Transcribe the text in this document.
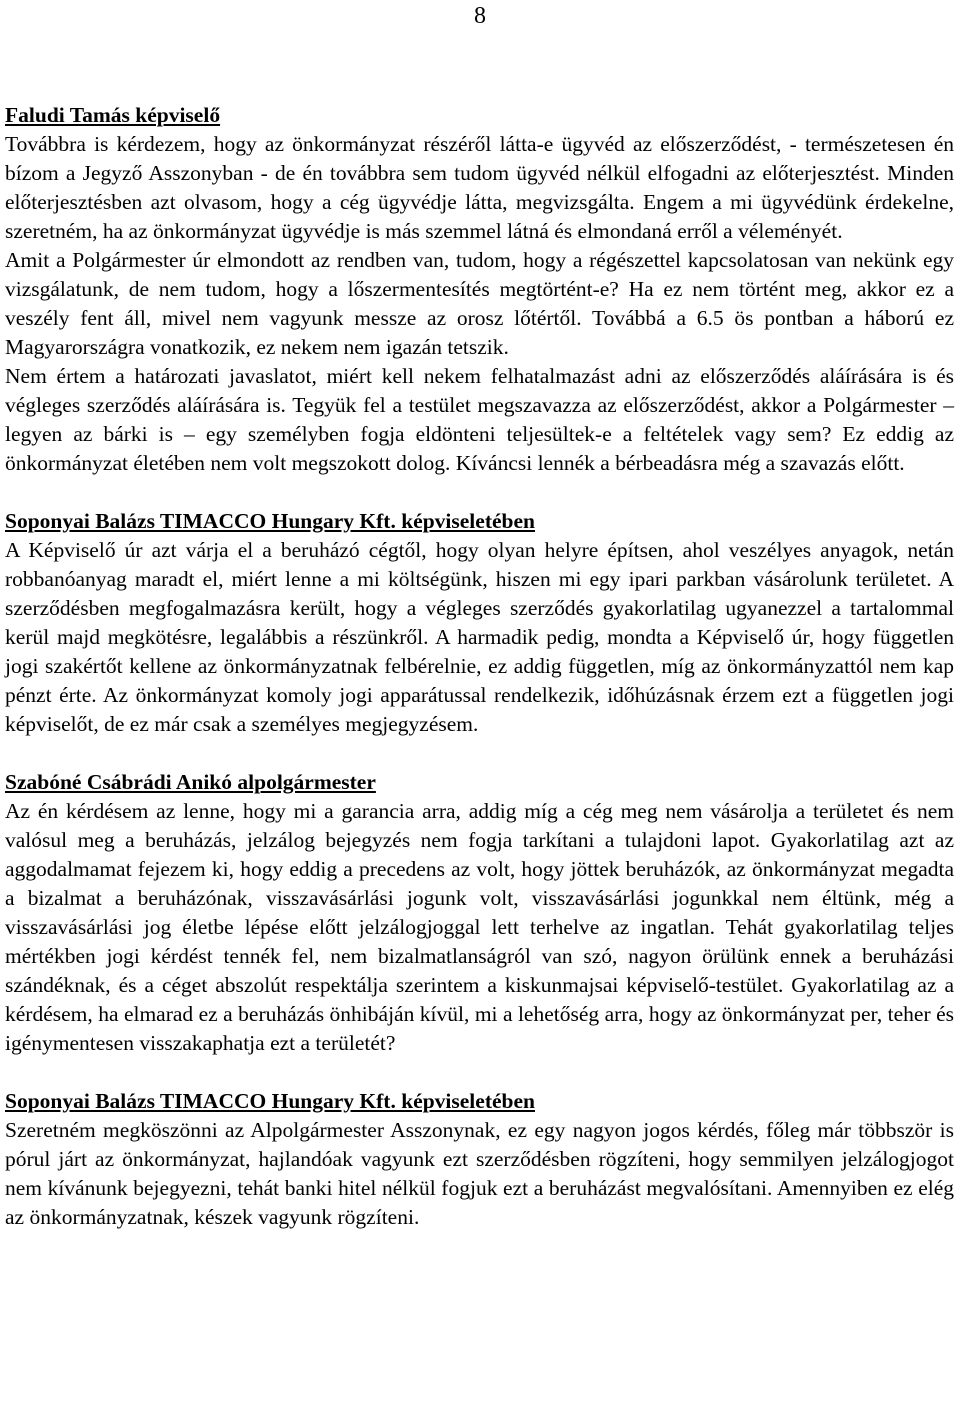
8
Faludi Tamás képviselő

Továbbra is kérdezem, hogy az önkormányzat részéről látta-e ügyvéd az előszerződést, - természetesen én bízom a Jegyző Asszonyban - de én továbbra sem tudom ügyvéd nélkül elfogadni az előterjesztést. Minden előterjesztésben azt olvasom, hogy a cég ügyvédje látta, megvizsgálta. Engem a mi ügyvédünk érdekelne, szeretném, ha az önkormányzat ügyvédje is más szemmel látná és elmondaná erről a véleményét.

Amit a Polgármester úr elmondott az rendben van, tudom, hogy a régészettel kapcsolatosan van nekünk egy vizsgálatunk, de nem tudom, hogy a lőszermentesítés megtörtént-e? Ha ez nem történt meg, akkor ez a veszély fent áll, mivel nem vagyunk messze az orosz lőtértől. Továbbá a 6.5 ös pontban a háború ez Magyarországra vonatkozik, ez nekem nem igazán tetszik.

Nem értem a határozati javaslatot, miért kell nekem felhatalmazást adni az előszerződés aláírására is és végleges szerződés aláírására is. Tegyük fel a testület megszavazza az előszerződést, akkor a Polgármester – legyen az bárki is – egy személyben fogja eldönteni teljesültek-e a feltételek vagy sem? Ez eddig az önkormányzat életében nem volt megszokott dolog. Kíváncsi lennék a bérbeadásra még a szavazás előtt.

Soponyai Balázs TIMACCO Hungary Kft. képviseletében

A Képviselő úr azt várja el a beruházó cégtől, hogy olyan helyre építsen, ahol veszélyes anyagok, netán robbanóanyag maradt el, miért lenne a mi költségünk, hiszen mi egy ipari parkban vásárolunk területet. A szerződésben megfogalmazásra került, hogy a végleges szerződés gyakorlatilag ugyanezzel a tartalommal kerül majd megkötésre, legalábbis a részünkről. A harmadik pedig, mondta a Képviselő úr, hogy független jogi szakértőt kellene az önkormányzatnak felbérelnie, ez addig független, míg az önkormányzattól nem kap pénzt érte. Az önkormányzat komoly jogi apparátussal rendelkezik, időhúzásnak érzem ezt a független jogi képviselőt, de ez már csak a személyes megjegyzésem.

Szabóné Csábrádi Anikó alpolgármester

Az én kérdésem az lenne, hogy mi a garancia arra, addig míg a cég meg nem vásárolja a területet és nem valósul meg a beruházás, jelzálog bejegyzés nem fogja tarkítani a tulajdoni lapot. Gyakorlatilag azt az aggodalmamat fejezem ki, hogy eddig a precedens az volt, hogy jöttek beruházók, az önkormányzat megadta a bizalmat a beruházónak, visszavásárlási jogunk volt, visszavásárlási jogunkkal nem éltünk, még a visszavásárlási jog életbe lépése előtt jelzálogjoggal lett terhelve az ingatlan. Tehát gyakorlatilag teljes mértékben jogi kérdést tennék fel, nem bizalmatlanságról van szó, nagyon örülünk ennek a beruházási szándéknak, és a céget abszolút respektálja szerintem a kiskunmajsai képviselő-testület. Gyakorlatilag az a kérdésem, ha elmarad ez a beruházás önhibáján kívül, mi a lehetőség arra, hogy az önkormányzat per, teher és igénymentesen visszakaphatja ezt a területét?

Soponyai Balázs TIMACCO Hungary Kft. képviseletében

Szeretném megköszönni az Alpolgármester Asszonynak, ez egy nagyon jogos kérdés, főleg már többször is pórul járt az önkormányzat, hajlandóak vagyunk ezt szerződésben rögzíteni, hogy semmilyen jelzálogjogot nem kívánunk bejegyezni, tehát banki hitel nélkül fogjuk ezt a beruházást megvalósítani. Amennyiben ez elég az önkormányzatnak, készek vagyunk rögzíteni.
